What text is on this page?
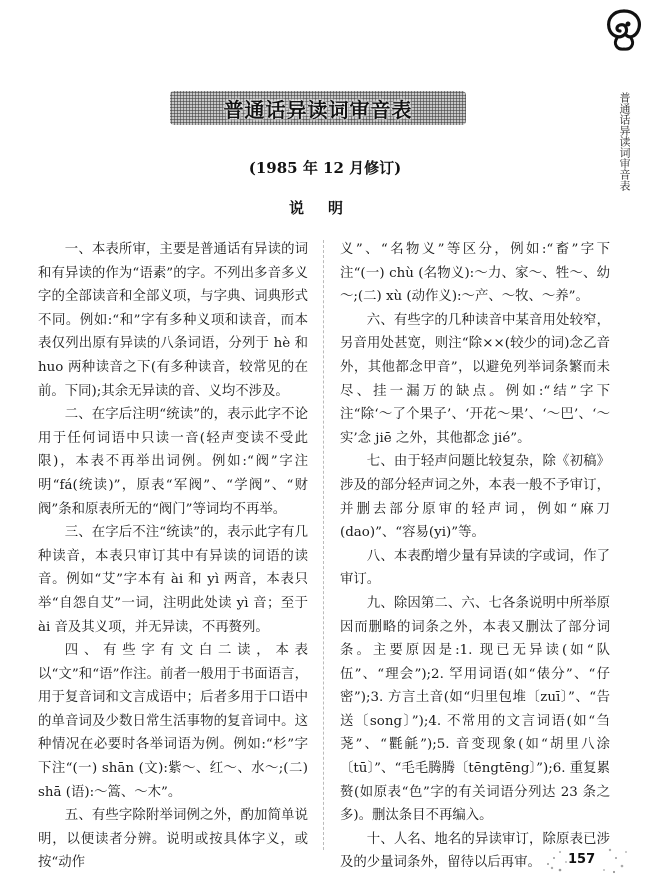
普通话异读词审音表
普通话异读词审音表
(1985 年 12 月修订)
说明

一、本表所审，主要是普通话有异读的词和有异读的作为“语素”的字。不列出多音多义字的全部读音和全部义项，与字典、词典形式不同。例如:“和”字有多种义项和读音，而本表仅列出原有异读的八条词语，分列于 hè 和 huo 两种读音之下(有多种读音，较常见的在前。下同);其余无异读的音、义均不涉及。

二、在字后注明“统读”的，表示此字不论用于任何词语中只读一音(轻声变读不受此限)，本表不再举出词例。例如:“阀”字注明“fá(统读)”，原表“军阀”、“学阀”、“财阀”条和原表所无的“阀门”等词均不再举。

三、在字后不注“统读”的，表示此字有几种读音，本表只审订其中有异读的词语的读音。例如“艾”字本有 ài 和 yì 两音，本表只举“自怨自艾”一词，注明此处读 yì 音；至于 ài 音及其义项，并无异读，不再赘列。

四、有些字有文白二读，本表以“文”和“语”作注。前者一般用于书面语言，用于复音词和文言成语中；后者多用于口语中的单音词及少数日常生活事物的复音词中。这种情况在必要时各举词语为例。例如:“杉”字下注“(一) shān (文):紫～、红～、水～;(二) shā (语):～篙、～木”。

五、有些字除附举词例之外，酌加简单说明，以便读者分辨。说明或按具体字义，或按“动作

义”、“名物义”等区分，例如:“畜”字下注“(一) chù (名物义):～力、家～、牲～、幼～;(二) xù (动作义):～产、～牧、～养”。

六、有些字的几种读音中某音用处较窄，另音用处甚宽，则注“除××(较少的词)念乙音外，其他都念甲音”，以避免列举词条繁而未尽、挂一漏万的缺点。例如:“结”字下注“除‘～了个果子’、‘开花～果’、‘～巴’、‘～实’念 jiē 之外，其他都念 jié”。

七、由于轻声问题比较复杂，除《初稿》涉及的部分轻声词之外，本表一般不予审订，并删去部分原审的轻声词，例如“麻刀(dao)”、“容易(yi)”等。

八、本表酌增少量有异读的字或词，作了审订。

九、除因第二、六、七各条说明中所举原因而删略的词条之外，本表又删汰了部分词条。主要原因是:1. 现已无异读(如“队伍”、“理会”);2. 罕用词语(如“俵分”、“仔密”);3. 方言土音(如“归里包堆〔zuī〕”、“告送〔song〕”);4. 不常用的文言词语(如“刍荛”、“氍毹”);5. 音变现象(如“胡里八涂〔tū〕”、“毛毛腾腾〔tēngtēng〕”);6. 重复累赘(如原表“色”字的有关词语分列达 23 条之多)。删汰条目不再编入。

十、人名、地名的异读审订，除原表已涉及的少量词条外，留待以后再审。	157
